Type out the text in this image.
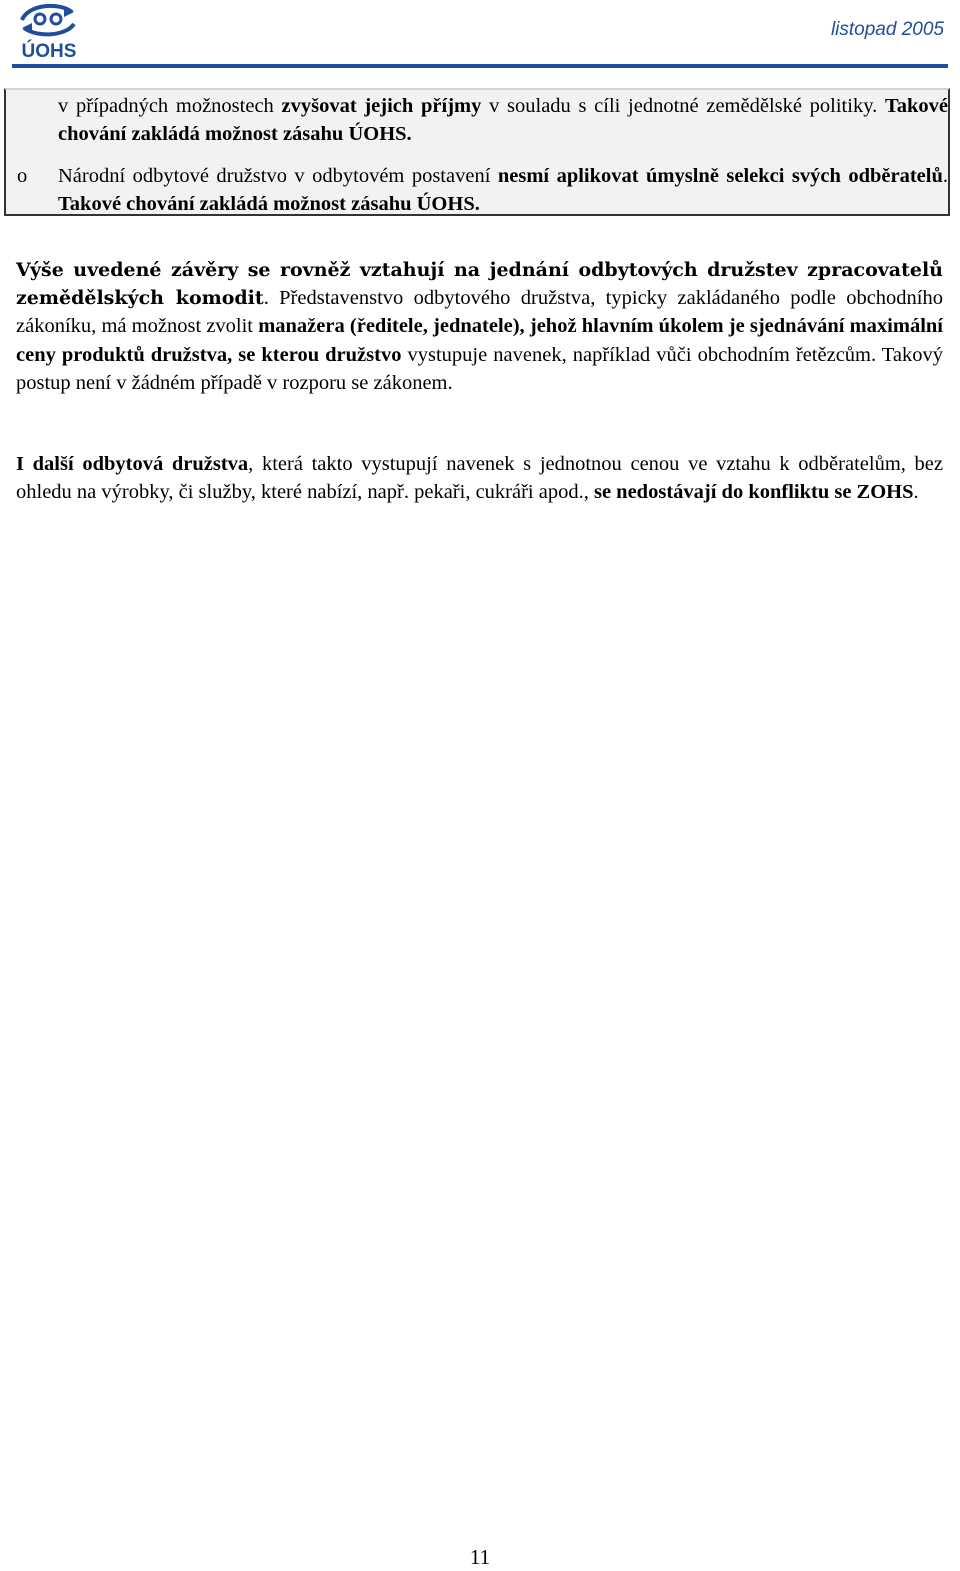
ÚOHS
listopad 2005
v případných možnostech zvyšovat jejich příjmy v souladu s cíli jednotné zemědělské politiky. Takové chování zakládá možnost zásahu ÚOHS.
o Národní odbytové družstvo v odbytovém postavení nesmí aplikovat úmyslně selekci svých odběratelů. Takové chování zakládá možnost zásahu ÚOHS.
Výše uvedené závěry se rovněž vztahují na jednání odbytových družstev zpracovatelů zemědělských komodit. Představenstvo odbytového družstva, typicky zakládaného podle obchodního zákoníku, má možnost zvolit manažera (ředitele, jednatele), jehož hlavním úkolem je sjednávání maximální ceny produktů družstva, se kterou družstvo vystupuje navenek, například vůči obchodním řetězcům. Takový postup není v žádném případě v rozporu se zákonem.
I další odbytová družstva, která takto vystupují navenek s jednotnou cenou ve vztahu k odběratelům, bez ohledu na výrobky, či služby, které nabízí, např. pekaři, cukráři apod., se nedostávají do konfliktu se ZOHS.
11
